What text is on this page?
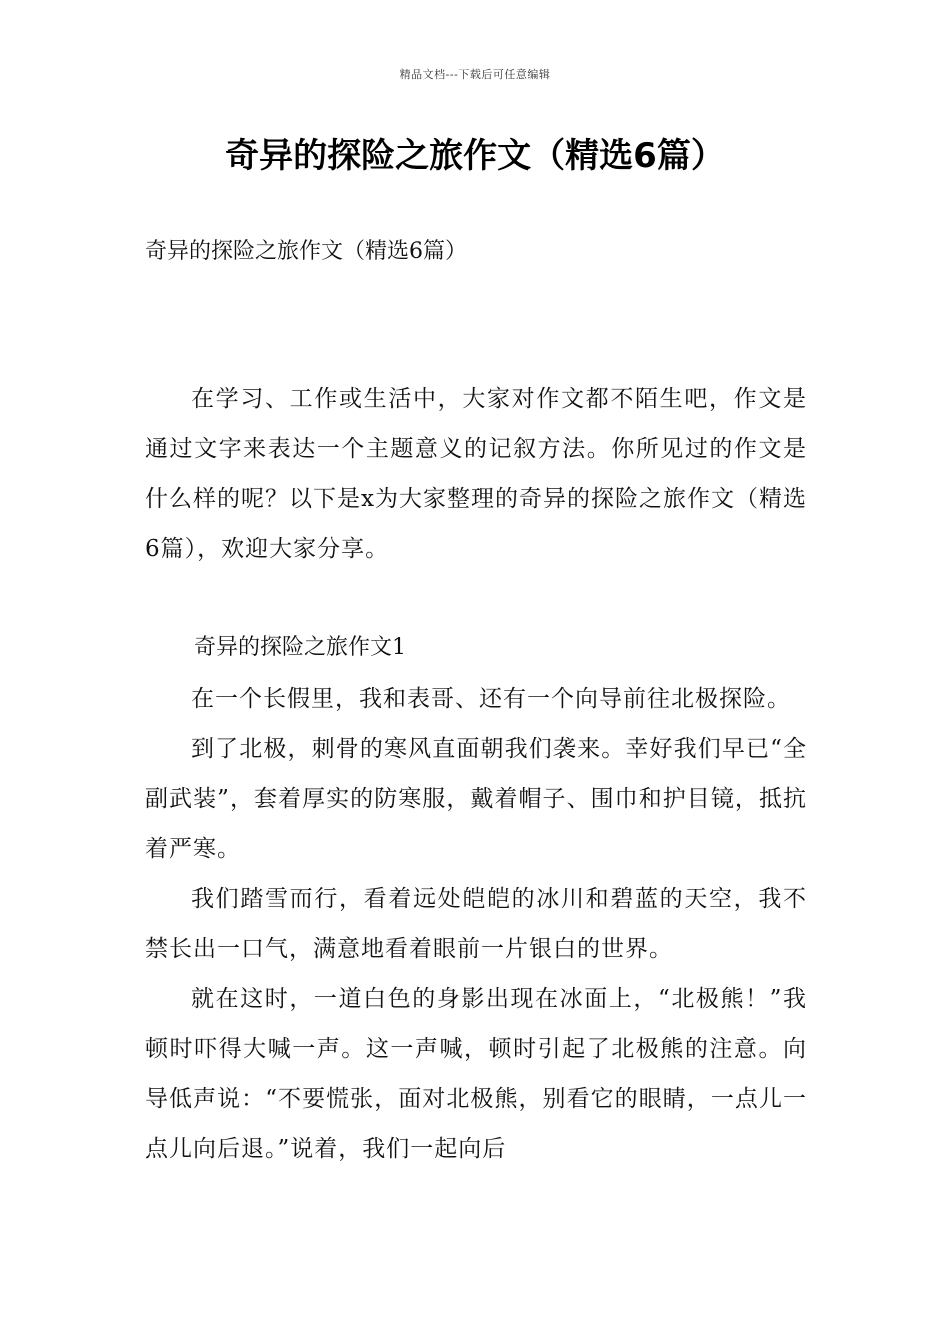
精品文档---下载后可任意编辑
奇异的探险之旅作文（精选6篇）
奇异的探险之旅作文（精选6篇）

在学习、工作或生活中，大家对作文都不陌生吧，作文是通过文字来表达一个主题意义的记叙方法。你所见过的作文是什么样的呢？以下是x为大家整理的奇异的探险之旅作文（精选6篇），欢迎大家分享。

奇异的探险之旅作文1

在一个长假里，我和表哥、还有一个向导前往北极探险。

到了北极，刺骨的寒风直面朝我们袭来。幸好我们早已“全副武装”，套着厚实的防寒服，戴着帽子、围巾和护目镜，抵抗着严寒。

我们踏雪而行，看着远处皑皑的冰川和碧蓝的天空，我不禁长出一口气，满意地看着眼前一片银白的世界。

就在这时，一道白色的身影出现在冰面上，“北极熊！”我顿时吓得大喊一声。这一声喊，顿时引起了北极熊的注意。向导低声说：“不要慌张，面对北极熊，别看它的眼睛，一点儿一点儿向后退。”说着，我们一起向后
